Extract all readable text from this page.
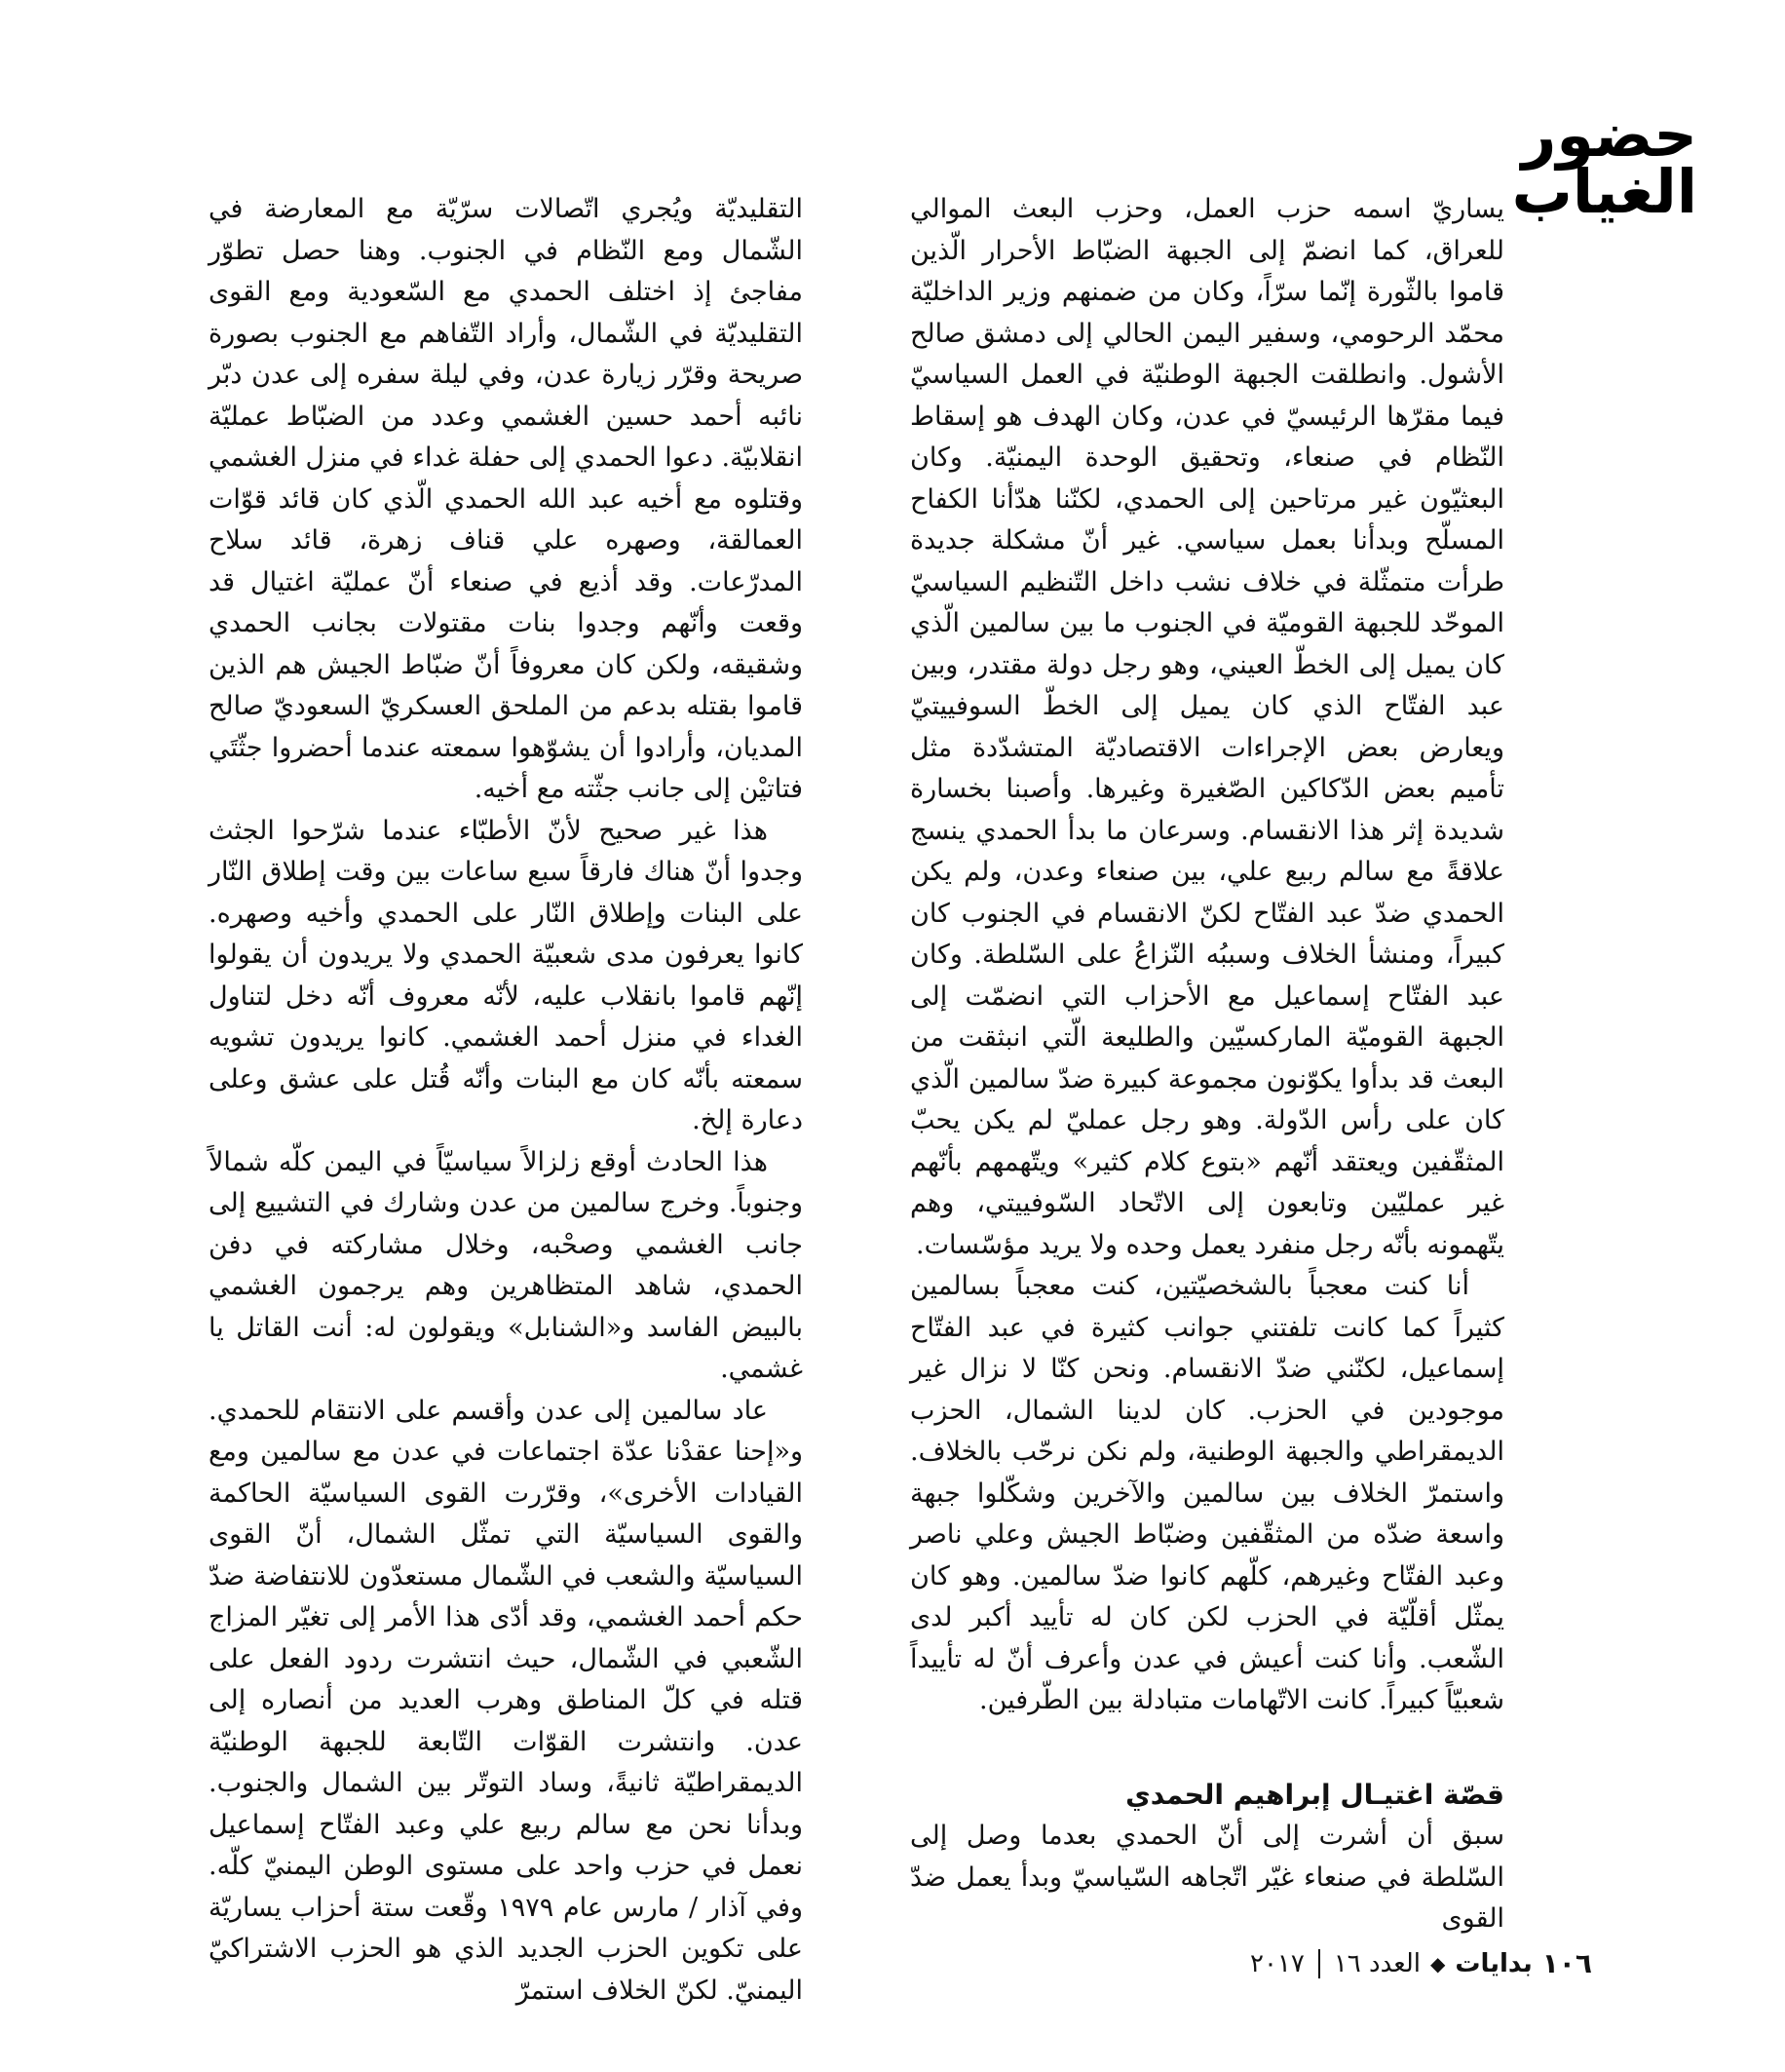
حضور
الغياب

يساريّ اسمه حزب العمل، وحزب البعث الموالي للعراق، كما انضمّ إلى الجبهة الضبّاط الأحرار الّذين قاموا بالثّورة إنّما سرّاً، وكان من ضمنهم وزير الداخليّة محمّد الرحومي، وسفير اليمن الحالي إلى دمشق صالح الأشول. وانطلقت الجبهة الوطنيّة في العمل السياسيّ فيما مقرّها الرئيسيّ في عدن، وكان الهدف هو إسقاط النّظام في صنعاء، وتحقيق الوحدة اليمنيّة. وكان البعثيّون غير مرتاحين إلى الحمدي، لكنّنا هدّأنا الكفاح المسلّح وبدأنا بعمل سياسي. غير أنّ مشكلة جديدة طرأت متمثّلة في خلاف نشب داخل التّنظيم السياسيّ الموحّد للجبهة القوميّة في الجنوب ما بين سالمين الّذي كان يميل إلى الخطّ العيني، وهو رجل دولة مقتدر، وبين عبد الفتّاح الذي كان يميل إلى الخطّ السوفييتيّ ويعارض بعض الإجراءات الاقتصاديّة المتشدّدة مثل تأميم بعض الدّكاكين الصّغيرة وغيرها. وأصبنا بخسارة شديدة إثر هذا الانقسام. وسرعان ما بدأ الحمدي ينسج علاقةً مع سالم ربيع علي، بين صنعاء وعدن، ولم يكن الحمدي ضدّ عبد الفتّاح لكنّ الانقسام في الجنوب كان كبيراً، ومنشأ الخلاف وسببُه النّزاعُ على السّلطة. وكان عبد الفتّاح إسماعيل مع الأحزاب التي انضمّت إلى الجبهة القوميّة الماركسيّين والطليعة الّتي انبثقت من البعث قد بدأوا يكوّنون مجموعة كبيرة ضدّ سالمين الّذي كان على رأس الدّولة. وهو رجل عمليّ لم يكن يحبّ المثقّفين ويعتقد أنّهم «بتوع كلام كثير» ويتّهمهم بأنّهم غير عمليّين وتابعون إلى الاتّحاد السّوفييتي، وهم يتّهمونه بأنّه رجل منفرد يعمل وحده ولا يريد مؤسّسات.

أنا كنت معجباً بالشخصيّتين، كنت معجباً بسالمين كثيراً كما كانت تلفتني جوانب كثيرة في عبد الفتّاح إسماعيل، لكنّني ضدّ الانقسام. ونحن كنّا لا نزال غير موجودين في الحزب. كان لدينا الشمال، الحزب الديمقراطي والجبهة الوطنية، ولم نكن نرحّب بالخلاف. واستمرّ الخلاف بين سالمين والآخرين وشكّلوا جبهة واسعة ضدّه من المثقّفين وضبّاط الجيش وعلي ناصر وعبد الفتّاح وغيرهم، كلّهم كانوا ضدّ سالمين. وهو كان يمثّل أقلّيّة في الحزب لكن كان له تأييد أكبر لدى الشّعب. وأنا كنت أعيش في عدن وأعرف أنّ له تأييداً شعبيّاً كبيراً. كانت الاتّهامات متبادلة بين الطّرفين.

قصّة اغتيـال إبراهيم الحمدي

سبق أن أشرت إلى أنّ الحمدي بعدما وصل إلى السّلطة في صنعاء غيّر اتّجاهه السّياسيّ وبدأ يعمل ضدّ القوى

التقليديّة ويُجري اتّصالات سرّيّة مع المعارضة في الشّمال ومع النّظام في الجنوب. وهنا حصل تطوّر مفاجئ إذ اختلف الحمدي مع السّعودية ومع القوى التقليديّة في الشّمال، وأراد التّفاهم مع الجنوب بصورة صريحة وقرّر زيارة عدن، وفي ليلة سفره إلى عدن دبّر نائبه أحمد حسين الغشمي وعدد من الضبّاط عمليّة انقلابيّة. دعوا الحمدي إلى حفلة غداء في منزل الغشمي وقتلوه مع أخيه عبد الله الحمدي الّذي كان قائد قوّات العمالقة، وصهره علي قناف زهرة، قائد سلاح المدرّعات. وقد أذيع في صنعاء أنّ عمليّة اغتيال قد وقعت وأنّهم وجدوا بنات مقتولات بجانب الحمدي وشقيقه، ولكن كان معروفاً أنّ ضبّاط الجيش هم الذين قاموا بقتله بدعم من الملحق العسكريّ السعوديّ صالح المديان، وأرادوا أن يشوّهوا سمعته عندما أحضروا جثّتَي فتاتيْن إلى جانب جثّته مع أخيه.

هذا غير صحيح لأنّ الأطبّاء عندما شرّحوا الجثث وجدوا أنّ هناك فارقاً سبع ساعات بين وقت إطلاق النّار على البنات وإطلاق النّار على الحمدي وأخيه وصهره. كانوا يعرفون مدى شعبيّة الحمدي ولا يريدون أن يقولوا إنّهم قاموا بانقلاب عليه، لأنّه معروف أنّه دخل لتناول الغداء في منزل أحمد الغشمي. كانوا يريدون تشويه سمعته بأنّه كان مع البنات وأنّه قُتل على عشق وعلى دعارة إلخ.

هذا الحادث أوقع زلزالاً سياسيّاً في اليمن كلّه شمالاً وجنوباً. وخرج سالمين من عدن وشارك في التشييع إلى جانب الغشمي وصحْبه، وخلال مشاركته في دفن الحمدي، شاهد المتظاهرين وهم يرجمون الغشمي بالبيض الفاسد و«الشنابل» ويقولون له: أنت القاتل يا غشمي.

عاد سالمين إلى عدن وأقسم على الانتقام للحمدي. و«إحنا عقدْنا عدّة اجتماعات في عدن مع سالمين ومع القيادات الأخرى»، وقرّرت القوى السياسيّة الحاكمة والقوى السياسيّة التي تمثّل الشمال، أنّ القوى السياسيّة والشعب في الشّمال مستعدّون للانتفاضة ضدّ حكم أحمد الغشمي، وقد أدّى هذا الأمر إلى تغيّر المزاج الشّعبي في الشّمال، حيث انتشرت ردود الفعل على قتله في كلّ المناطق وهرب العديد من أنصاره إلى عدن. وانتشرت القوّات التّابعة للجبهة الوطنيّة الديمقراطيّة ثانيةً، وساد التوتّر بين الشمال والجنوب. وبدأنا نحن مع سالم ربيع علي وعبد الفتّاح إسماعيل نعمل في حزب واحد على مستوى الوطن اليمنيّ كلّه. وفي آذار / مارس عام ١٩٧٩ وقّعت ستة أحزاب يساريّة على تكوين الحزب الجديد الذي هو الحزب الاشتراكيّ اليمنيّ. لكنّ الخلاف استمرّ

١٠٦
بدايات
◆
العدد ١٦
٢٠١٧
